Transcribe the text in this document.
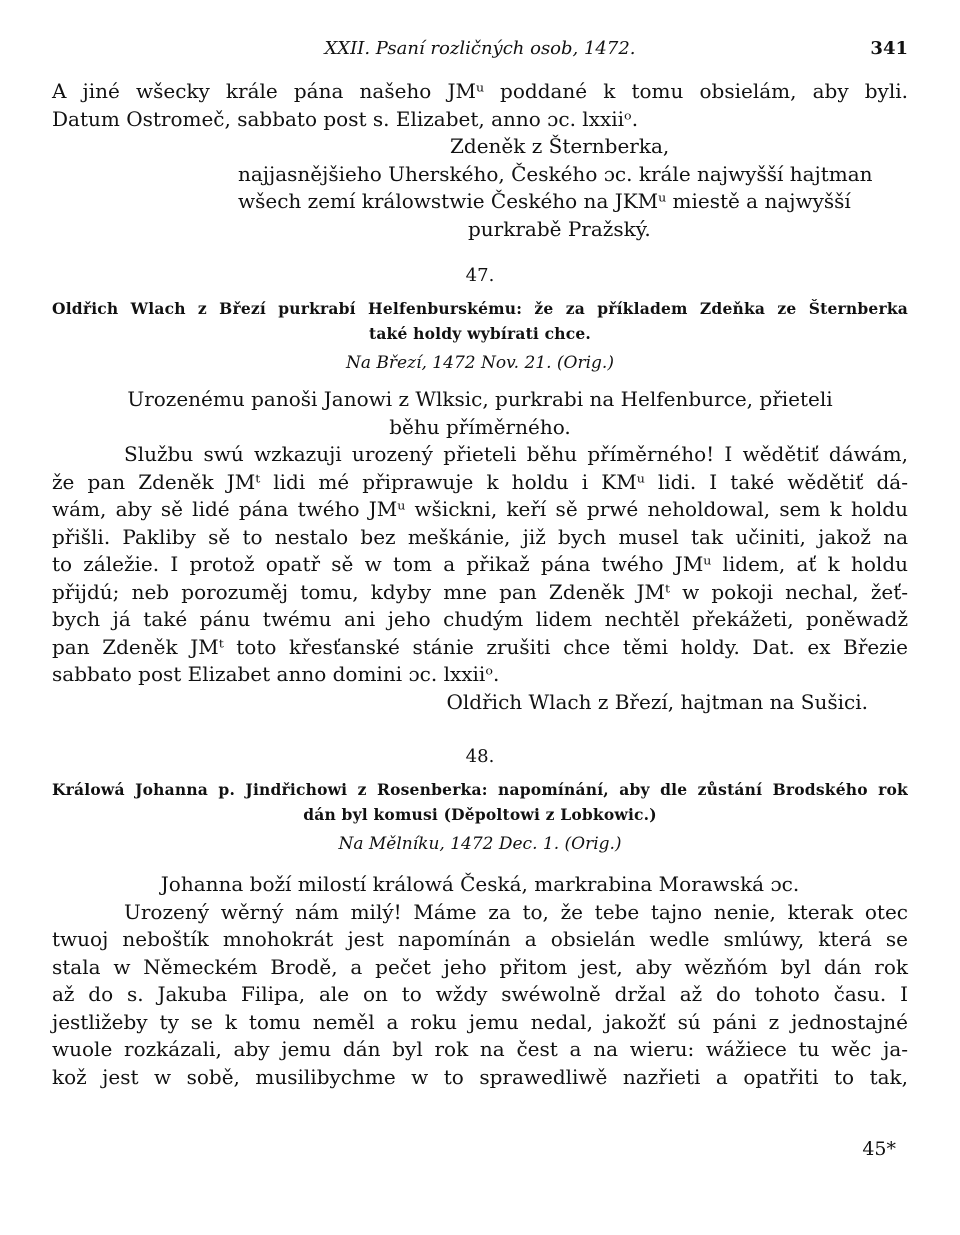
XXII. Psaní rozličných osob, 1472.	341
A jiné wšecky krále pána našeho JMᵘ poddané k tomu obsielám, aby byli.
Datum Ostromeč, sabbato post s. Elizabet, anno ɔc. lxxiiᵒ.
Zdeněk z Šternberka,
najjasnějšieho Uherského, Českého ɔc. krále najwyšší hajtman
wšech zemí králowstwie Českého na JKMᵘ miestě a najwyšší
purkrabě Pražský.
47.
Oldřich Wlach z Březí purkrabí Helfenburskému: že za příkladem Zdeňka ze Šternberka
také holdy wybírati chce.
Na Březí, 1472 Nov. 21. (Orig.)
Urozenému panoši Janowi z Wlksic, purkrabi na Helfenburce, přieteli
běhu příměrného.
Službu swú wzkazuji urozený přieteli běhu příměrného! I wědětiť dáwám,
že pan Zdeněk JMᵗ lidi mé připrawuje k holdu i KMᵘ lidi. I také wědětiť dá-
wám, aby sě lidé pána twého JMᵘ wšickni, keří sě prwé neholdowal, sem k holdu
přišli. Pakliby sě to nestalo bez meškánie, již bych musel tak učiniti, jakož na
to záležie. I protož opatř sě w tom a přikaž pána twého JMᵘ lidem, ať k holdu
přijdú; neb porozuměj tomu, kdyby mne pan Zdeněk JMᵗ w pokoji nechal, žeť-
bych já také pánu twému ani jeho chudým lidem nechtěl překážeti, poněwadž
pan Zdeněk JMᵗ toto křesťanské stánie zrušiti chce těmi holdy. Dat. ex Březie
sabbato post Elizabet anno domini ɔc. lxxiiᵒ.
Oldřich Wlach z Březí, hajtman na Sušici.
48.
Králowá Johanna p. Jindřichowi z Rosenberka: napomínání, aby dle zůstání Brodského rok
dán byl komusi (Děpoltowi z Lobkowic.)
Na Mělníku, 1472 Dec. 1. (Orig.)
Johanna boží milostí králowá Česká, markrabina Morawská ɔc.
Urozený wěrný nám milý! Máme za to, že tebe tajno nenie, kterak otec
twuoj neboštík mnohokrát jest napomínán a obsielán wedle smlúwy, která se
stala w Německém Brodě, a pečet jeho přitom jest, aby wězňóm byl dán rok
až do s. Jakuba Filipa, ale on to wždy swéwolně držal až do tohoto času. I
jestližeby ty se k tomu neměl a roku jemu nedal, jakožť sú páni z jednostajné
wuole rozkázali, aby jemu dán byl rok na čest a na wieru: wážiece tu wěc ja-
kož jest w sobě, musilibychme w to sprawedliwě nazřieti a opatřiti to tak,
45*
